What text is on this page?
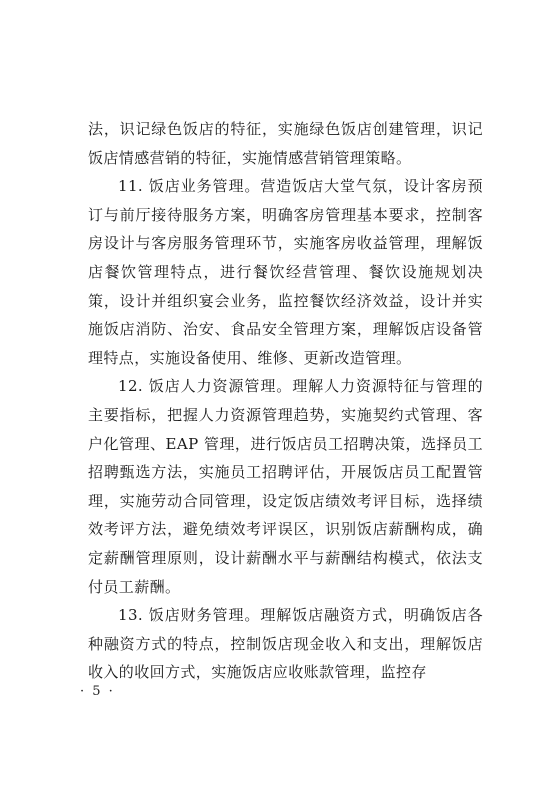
法，识记绿色饭店的特征，实施绿色饭店创建管理，识记饭店情感营销的特征，实施情感营销管理策略。

11. 饭店业务管理。营造饭店大堂气氛，设计客房预订与前厅接待服务方案，明确客房管理基本要求，控制客房设计与客房服务管理环节，实施客房收益管理，理解饭店餐饮管理特点，进行餐饮经营管理、餐饮设施规划决策，设计并组织宴会业务，监控餐饮经济效益，设计并实施饭店消防、治安、食品安全管理方案，理解饭店设备管理特点，实施设备使用、维修、更新改造管理。

12. 饭店人力资源管理。理解人力资源特征与管理的主要指标，把握人力资源管理趋势，实施契约式管理、客户化管理、EAP 管理，进行饭店员工招聘决策，选择员工招聘甄选方法，实施员工招聘评估，开展饭店员工配置管理，实施劳动合同管理，设定饭店绩效考评目标，选择绩效考评方法，避免绩效考评误区，识别饭店薪酬构成，确定薪酬管理原则，设计薪酬水平与薪酬结构模式，依法支付员工薪酬。

13. 饭店财务管理。理解饭店融资方式，明确饭店各种融资方式的特点，控制饭店现金收入和支出，理解饭店收入的收回方式，实施饭店应收账款管理，监控存

· 5 ·
